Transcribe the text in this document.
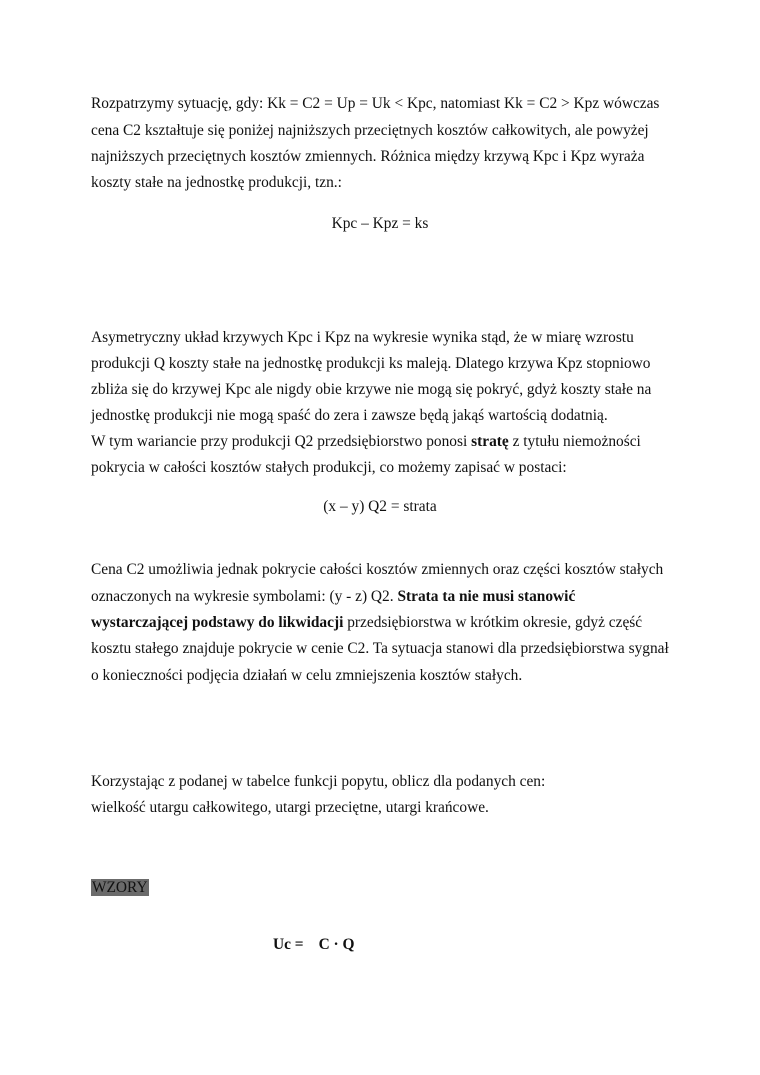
Rozpatrzymy sytuację, gdy: Kk = C2 = Up = Uk < Kpc, natomiast Kk = C2 > Kpz wówczas
cena C2 kształtuje się poniżej najniższych przeciętnych kosztów całkowitych, ale powyżej
najniższych przeciętnych kosztów zmiennych. Różnica między krzywą Kpc i Kpz wyraża
koszty stałe na jednostkę produkcji, tzn.:
Kpc – Kpz = ks
Asymetryczny układ krzywych Kpc i Kpz na wykresie wynika stąd, że w miarę wzrostu
produkcji Q koszty stałe na jednostkę produkcji ks maleją. Dlatego krzywa Kpz stopniowo
zbliża się do krzywej Kpc ale nigdy obie krzywe nie mogą się pokryć, gdyż koszty stałe na
jednostkę produkcji nie mogą spaść do zera i zawsze będą jakąś wartością dodatnią.
W tym wariancie przy produkcji Q2 przedsiębiorstwo ponosi stratę z tytułu niemożności
pokrycia w całości kosztów stałych produkcji, co możemy zapisać w postaci:
(x – y) Q2 = strata
Cena C2 umożliwia jednak pokrycie całości kosztów zmiennych oraz części kosztów stałych
oznaczonych na wykresie symbolami: (y - z) Q2. Strata ta nie musi stanowić
wystarczającej podstawy do likwidacji przedsiębiorstwa w krótkim okresie, gdyż część
kosztu stałego znajduje pokrycie w cenie C2. Ta sytuacja stanowi dla przedsiębiorstwa sygnał
o konieczności podjęcia działań w celu zmniejszenia kosztów stałych.
Korzystając z podanej w tabelce funkcji popytu, oblicz dla podanych cen:
wielkość utargu całkowitego, utargi przeciętne, utargi krańcowe.
WZORY
Uc = C · Q
